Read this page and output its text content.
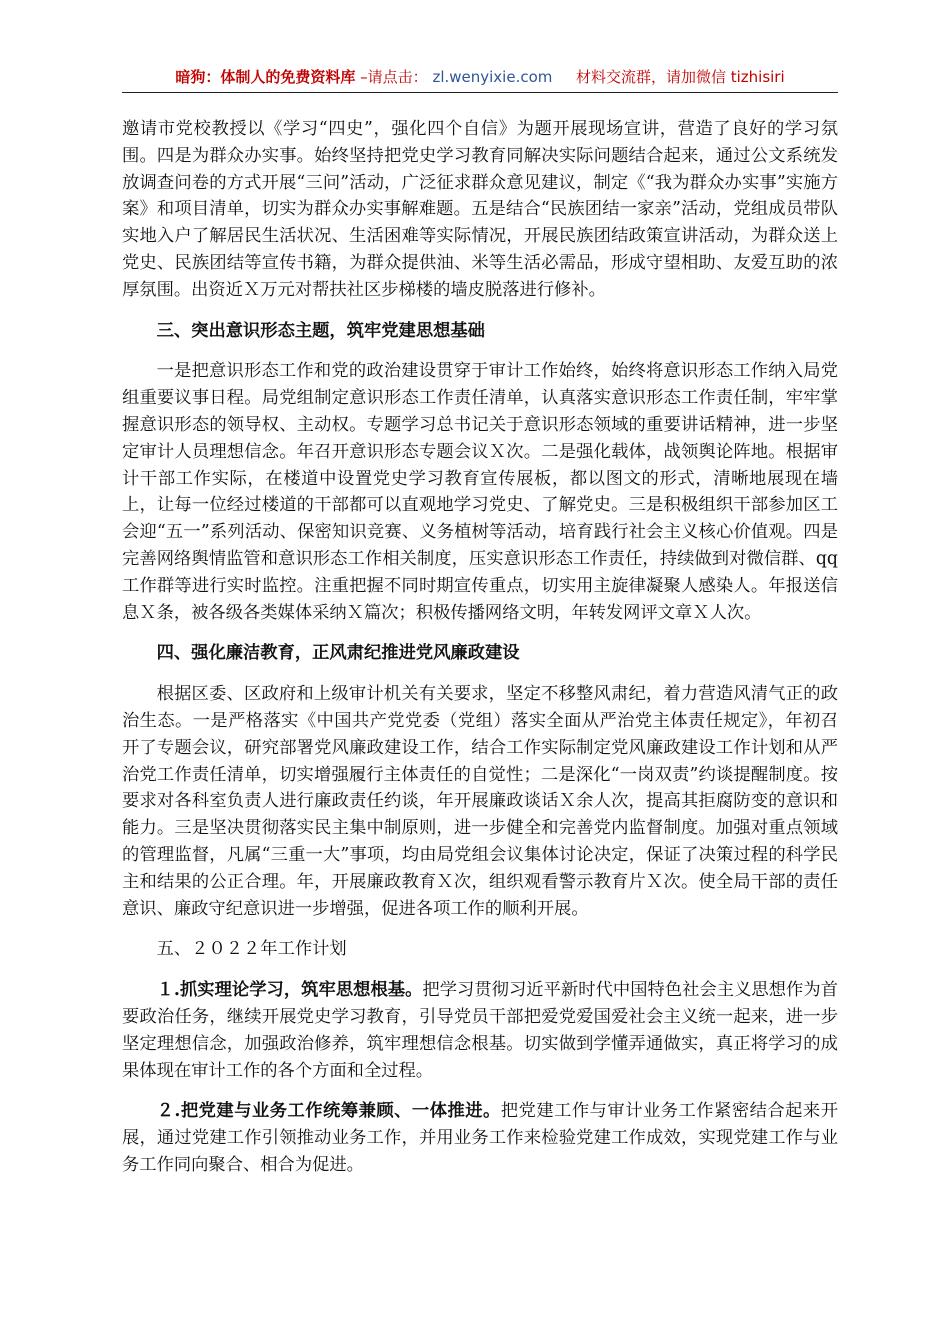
暗狗：体制人的免费资料库 –请点击： zl.wenyixie.com 材料交流群，请加微信 tizhisiri

邀请市党校教授以《学习“四史”，强化四个自信》为题开展现场宣讲，营造了良好的学习氛围。四是为群众办实事。始终坚持把党史学习教育同解决实际问题结合起来，通过公文系统发放调查问卷的方式开展“三问”活动，广泛征求群众意见建议，制定《“我为群众办实事”实施方案》和项目清单，切实为群众办实事解难题。五是结合“民族团结一家亲”活动，党组成员带队实地入户了解居民生活状况、生活困难等实际情况，开展民族团结政策宣讲活动，为群众送上党史、民族团结等宣传书籍，为群众提供油、米等生活必需品，形成守望相助、友爱互助的浓厚氛围。出资近Ｘ万元对帮扶社区步梯楼的墙皮脱落进行修补。

三、突出意识形态主题，筑牢党建思想基础

一是把意识形态工作和党的政治建设贯穿于审计工作始终，始终将意识形态工作纳入局党组重要议事日程。局党组制定意识形态工作责任清单，认真落实意识形态工作责任制，牢牢掌握意识形态的领导权、主动权。专题学习总书记关于意识形态领域的重要讲话精神，进一步坚定审计人员理想信念。年召开意识形态专题会议Ｘ次。二是强化载体，战领舆论阵地。根据审计干部工作实际，在楼道中设置党史学习教育宣传展板，都以图文的形式，清晰地展现在墙上，让每一位经过楼道的干部都可以直观地学习党史、了解党史。三是积极组织干部参加区工会迎“五一”系列活动、保密知识竞赛、义务植树等活动，培育践行社会主义核心价值观。四是完善网络舆情监管和意识形态工作相关制度，压实意识形态工作责任，持续做到对微信群、qq工作群等进行实时监控。注重把握不同时期宣传重点，切实用主旋律凝聚人感染人。年报送信息Ｘ条，被各级各类媒体采纳Ｘ篇次；积极传播网络文明，年转发网评文章Ｘ人次。

四、强化廉洁教育，正风肃纪推进党风廉政建设

根据区委、区政府和上级审计机关有关要求，坚定不移整风肃纪，着力营造风清气正的政治生态。一是严格落实《中国共产党党委（党组）落实全面从严治党主体责任规定》，年初召开了专题会议，研究部署党风廉政建设工作，结合工作实际制定党风廉政建设工作计划和从严治党工作责任清单，切实增强履行主体责任的自觉性；二是深化“一岗双责”约谈提醒制度。按要求对各科室负责人进行廉政责任约谈，年开展廉政谈话Ｘ余人次，提高其拒腐防变的意识和能力。三是坚决贯彻落实民主集中制原则，进一步健全和完善党内监督制度。加强对重点领域的管理监督，凡属“三重一大”事项，均由局党组会议集体讨论决定，保证了决策过程的科学民主和结果的公正合理。年，开展廉政教育Ｘ次，组织观看警示教育片Ｘ次。使全局干部的责任意识、廉政守纪意识进一步增强，促进各项工作的顺利开展。

五、２０２２年工作计划

１.抓实理论学习，筑牢思想根基。把学习贯彻习近平新时代中国特色社会主义思想作为首要政治任务，继续开展党史学习教育，引导党员干部把爱党爱国爱社会主义统一起来，进一步坚定理想信念，加强政治修养，筑牢理想信念根基。切实做到学懂弄通做实，真正将学习的成果体现在审计工作的各个方面和全过程。

２.把党建与业务工作统筹兼顾、一体推进。把党建工作与审计业务工作紧密结合起来开展，通过党建工作引领推动业务工作，并用业务工作来检验党建工作成效，实现党建工作与业务工作同向聚合、相合为促进。
